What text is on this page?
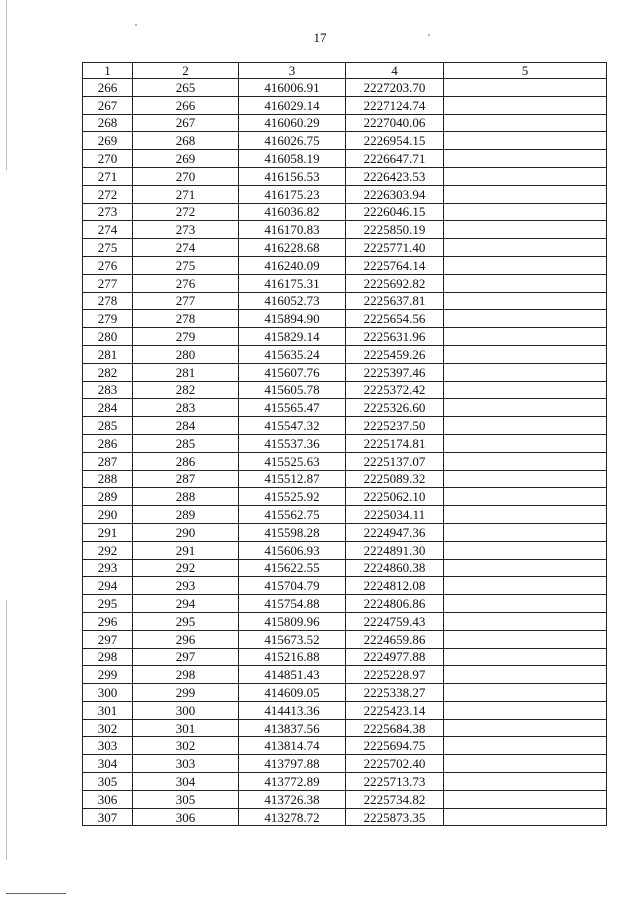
17
1	2	3	4	5
266	265	416006.91	2227203.70	
267	266	416029.14	2227124.74	
268	267	416060.29	2227040.06	
269	268	416026.75	2226954.15	
270	269	416058.19	2226647.71	
271	270	416156.53	2226423.53	
272	271	416175.23	2226303.94	
273	272	416036.82	2226046.15	
274	273	416170.83	2225850.19	
275	274	416228.68	2225771.40	
276	275	416240.09	2225764.14	
277	276	416175.31	2225692.82	
278	277	416052.73	2225637.81	
279	278	415894.90	2225654.56	
280	279	415829.14	2225631.96	
281	280	415635.24	2225459.26	
282	281	415607.76	2225397.46	
283	282	415605.78	2225372.42	
284	283	415565.47	2225326.60	
285	284	415547.32	2225237.50	
286	285	415537.36	2225174.81	
287	286	415525.63	2225137.07	
288	287	415512.87	2225089.32	
289	288	415525.92	2225062.10	
290	289	415562.75	2225034.11	
291	290	415598.28	2224947.36	
292	291	415606.93	2224891.30	
293	292	415622.55	2224860.38	
294	293	415704.79	2224812.08	
295	294	415754.88	2224806.86	
296	295	415809.96	2224759.43	
297	296	415673.52	2224659.86	
298	297	415216.88	2224977.88	
299	298	414851.43	2225228.97	
300	299	414609.05	2225338.27	
301	300	414413.36	2225423.14	
302	301	413837.56	2225684.38	
303	302	413814.74	2225694.75	
304	303	413797.88	2225702.40	
305	304	413772.89	2225713.73	
306	305	413726.38	2225734.82	
307	306	413278.72	2225873.35	
